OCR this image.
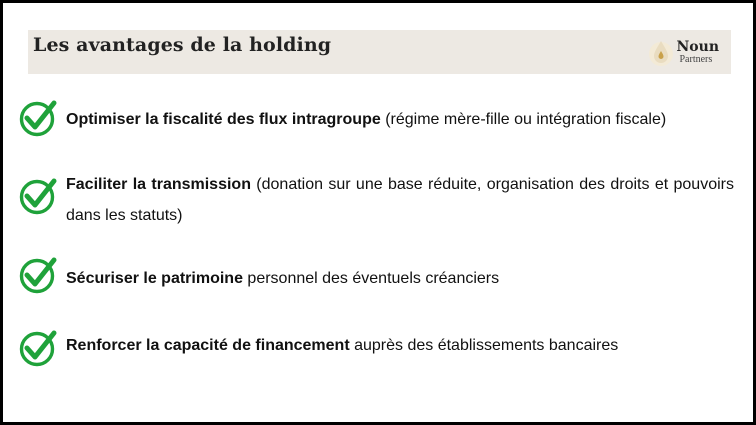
Les avantages de la holding	Noun
Partners
Optimiser la fiscalité des flux intragroupe (régime mère-fille ou intégration fiscale)
Faciliter la transmission (donation sur une base réduite, organisation des droits et pouvoirs dans les statuts)
Sécuriser le patrimoine personnel des éventuels créanciers
Renforcer la capacité de financement auprès des établissements bancaires
